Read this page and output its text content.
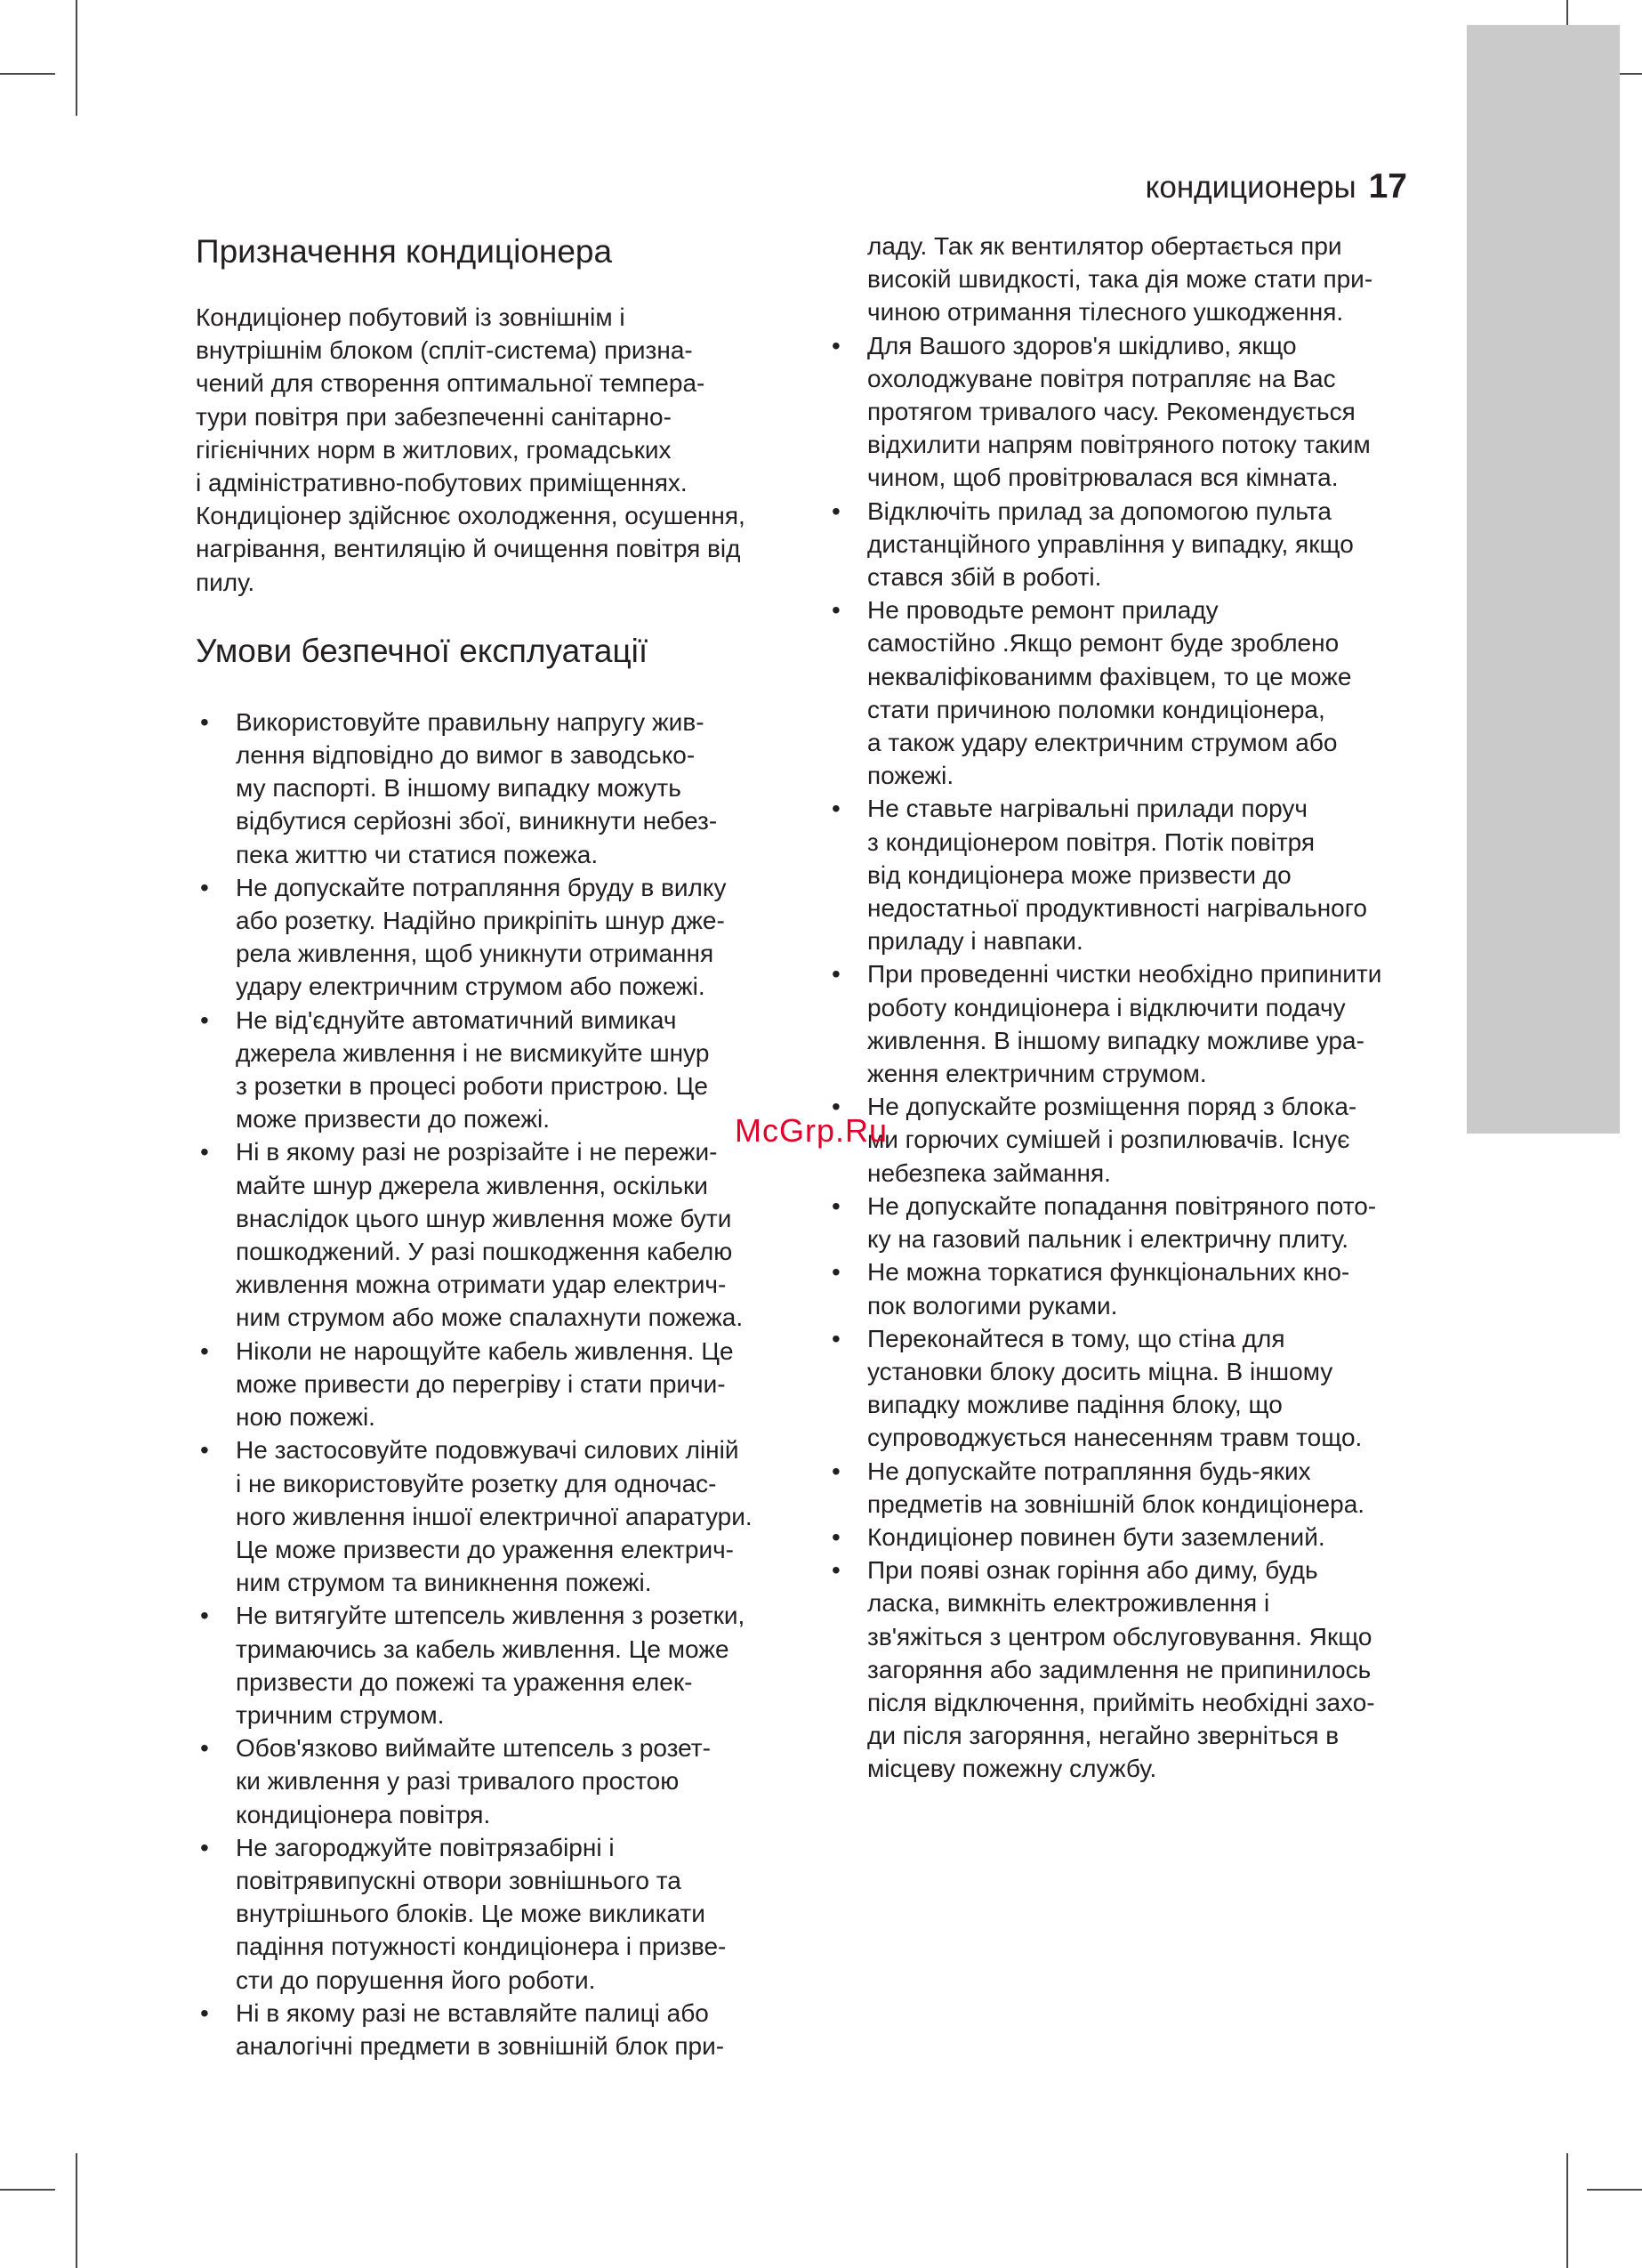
кондиционеры 17
Призначення кондиціонера

Кондиціонер побутовий із зовнішнім і
внутрішнім блоком (спліт-система) призна-
чений для створення оптимальної темпера-
тури повітря при забезпеченні санітарно-
гігієнічних норм в житлових, громадських
і адміністративно-побутових приміщеннях.
Кондиціонер здійснює охолодження, осушення,
нагрівання, вентиляцію й очищення повітря від
пилу.

Умови безпечної експлуатації
• Використовуйте правильну напругу жив-
лення відповідно до вимог в заводсько-
му паспорті. В іншому випадку можуть
відбутися серйозні збої, виникнути небез-
пека життю чи статися пожежа.
• Не допускайте потрапляння бруду в вилку
або розетку. Надійно прикріпіть шнур дже-
рела живлення, щоб уникнути отримання
удару електричним струмом або пожежі.
• Не від'єднуйте автоматичний вимикач
джерела живлення і не висмикуйте шнур
з розетки в процесі роботи пристрою. Це
може призвести до пожежі.
• Ні в якому разі не розрізайте і не пережи-
майте шнур джерела живлення, оскільки
внаслідок цього шнур живлення може бути
пошкоджений. У разі пошкодження кабелю
живлення можна отримати удар електрич-
ним струмом або може спалахнути пожежа.
• Ніколи не нарощуйте кабель живлення. Це
може привести до перегріву і стати причи-
ною пожежі.
• Не застосовуйте подовжувачі силових ліній
і не використовуйте розетку для одночас-
ного живлення іншої електричної апаратури.
Це може призвести до ураження електрич-
ним струмом та виникнення пожежі.
• Не витягуйте штепсель живлення з розетки,
тримаючись за кабель живлення. Це може
призвести до пожежі та ураження елек-
тричним струмом.
• Обов'язково виймайте штепсель з розет-
ки живлення у разі тривалого простою
кондиціонера повітря.
• Не загороджуйте повітрязабірні і
повітрявипускні отвори зовнішнього та
внутрішнього блоків. Це може викликати
падіння потужності кондиціонера і призве-
сти до порушення його роботи.
• Ні в якому разі не вставляйте палиці або
аналогічні предмети в зовнішній блок при-
ладу. Так як вентилятор обертається при
високій швидкості, така дія може стати при-
чиною отримання тілесного ушкодження.
• Для Вашого здоров'я шкідливо, якщо
охолоджуване повітря потрапляє на Вас
протягом тривалого часу. Рекомендується
відхилити напрям повітряного потоку таким
чином, щоб провітрювалася вся кімната.
• Відключіть прилад за допомогою пульта
дистанційного управління у випадку, якщо
стався збій в роботі.
• Не проводьте ремонт приладу
самостійно .Якщо ремонт буде зроблено
некваліфікованимм фахівцем, то це може
стати причиною поломки кондиціонера,
а також удару електричним струмом або
пожежі.
• Не ставьте нагрівальні прилади поруч
з кондиціонером повітря. Потік повітря
від кондиціонера може призвести до
недостатньої продуктивності нагрівального
приладу і навпаки.
• При проведенні чистки необхідно припинити
роботу кондиціонера і відключити подачу
живлення. В іншому випадку можливе ура-
ження електричним струмом.
• Не допускайте розміщення поряд з блока-
ми горючих сумішей і розпилювачів. Існує
небезпека займання.
• Не допускайте попадання повітряного пото-
ку на газовий пальник і електричну плиту.
• Не можна торкатися функціональних кно-
пок вологими руками.
• Переконайтеся в тому, що стіна для
установки блоку досить міцна. В іншому
випадку можливе падіння блоку, що
супроводжується нанесенням травм тощо.
• Не допускайте потрапляння будь-яких
предметів на зовнішній блок кондиціонера.
• Кондиціонер повинен бути заземлений.
• При появі ознак горіння або диму, будь
ласка, вимкніть електроживлення і
зв'яжіться з центром обслуговування. Якщо
загоряння або задимлення не припинилось
після відключення, прийміть необхідні захо-
ди після загоряння, негайно зверніться в
місцеву пожежну службу.
McGrp.Ru
